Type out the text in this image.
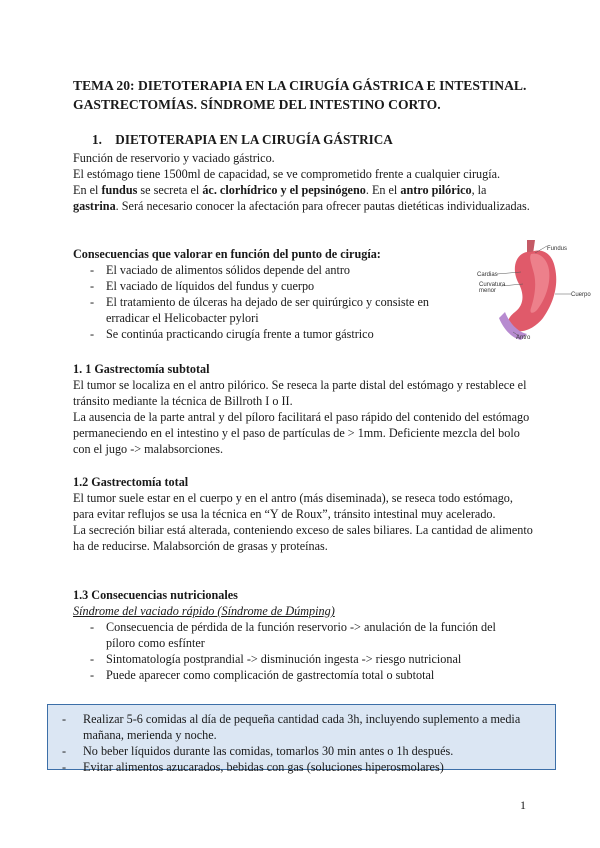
TEMA 20: DIETOTERAPIA EN LA CIRUGÍA GÁSTRICA E INTESTINAL. GASTRECTOMÍAS. SÍNDROME DEL INTESTINO CORTO.
1. DIETOTERAPIA EN LA CIRUGÍA GÁSTRICA
Función de reservorio y vaciado gástrico.
El estómago tiene 1500ml de capacidad, se ve comprometido frente a cualquier cirugía.
En el fundus se secreta el ác. clorhídrico y el pepsinógeno. En el antro pilórico, la gastrina. Será necesario conocer la afectación para ofrecer pautas dietéticas individualizadas.
Consecuencias que valorar en función del punto de cirugía:
- El vaciado de alimentos sólidos depende del antro
- El vaciado de líquidos del fundus y cuerpo
- El tratamiento de úlceras ha dejado de ser quirúrgico y consiste en erradicar el Helicobacter pylori
- Se continúa practicando cirugía frente a tumor gástrico
Fundus
Cardias
Curvatura menor
Cuerpo
Antro
1. 1 Gastrectomía subtotal
El tumor se localiza en el antro pilórico. Se reseca la parte distal del estómago y restablece el tránsito mediante la técnica de Billroth I o II.
La ausencia de la parte antral y del píloro facilitará el paso rápido del contenido del estómago permaneciendo en el intestino y el paso de partículas de > 1mm. Deficiente mezcla del bolo con el jugo -> malabsorciones.
1.2 Gastrectomía total
El tumor suele estar en el cuerpo y en el antro (más diseminada), se reseca todo estómago, para evitar reflujos se usa la técnica en “Y de Roux”, tránsito intestinal muy acelerado.
La secreción biliar está alterada, conteniendo exceso de sales biliares. La cantidad de alimento ha de reducirse. Malabsorción de grasas y proteínas.
1.3 Consecuencias nutricionales
Síndrome del vaciado rápido (Síndrome de Dúmping)
- Consecuencia de pérdida de la función reservorio -> anulación de la función del píloro como esfínter
- Sintomatología postprandial -> disminución ingesta -> riesgo nutricional
- Puede aparecer como complicación de gastrectomía total o subtotal
- Realizar 5-6 comidas al día de pequeña cantidad cada 3h, incluyendo suplemento a media mañana, merienda y noche.
- No beber líquidos durante las comidas, tomarlos 30 min antes o 1h después.
- Evitar alimentos azucarados, bebidas con gas (soluciones hiperosmolares)
1
